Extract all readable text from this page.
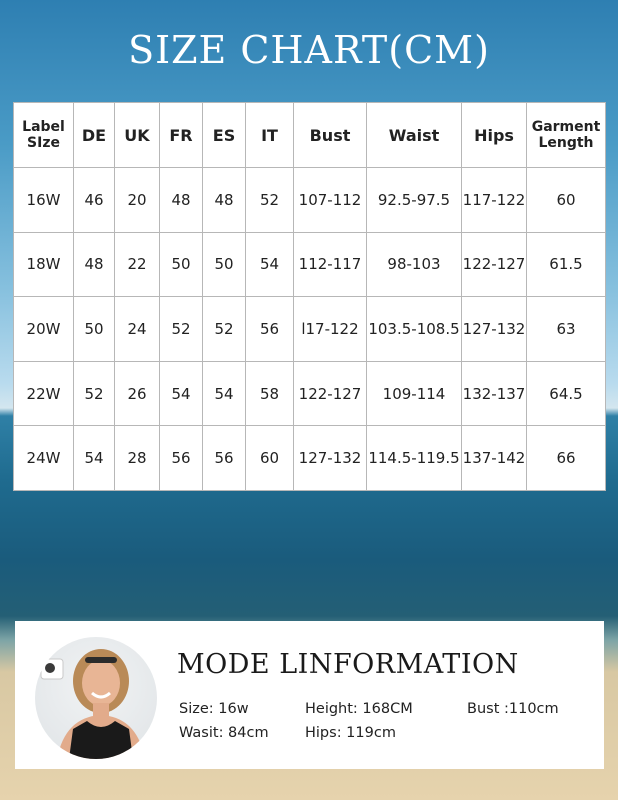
SIZE CHART(CM)
Label
SIze	DE	UK	FR	ES	IT	Bust	Waist	Hips	Garment
Length
16W	46	20	48	48	52	107-112	92.5-97.5	117-122	60
18W	48	22	50	50	54	112-117	98-103	122-127	61.5
20W	50	24	52	52	56	l17-122	103.5-108.5	127-132	63
22W	52	26	54	54	58	122-127	109-114	132-137	64.5
24W	54	28	56	56	60	127-132	114.5-119.5	137-142	66
MODE LINFORMATION
Size: 16w	Height: 168CM	Bust :110cm
Wasit: 84cm	Hips: 119cm
